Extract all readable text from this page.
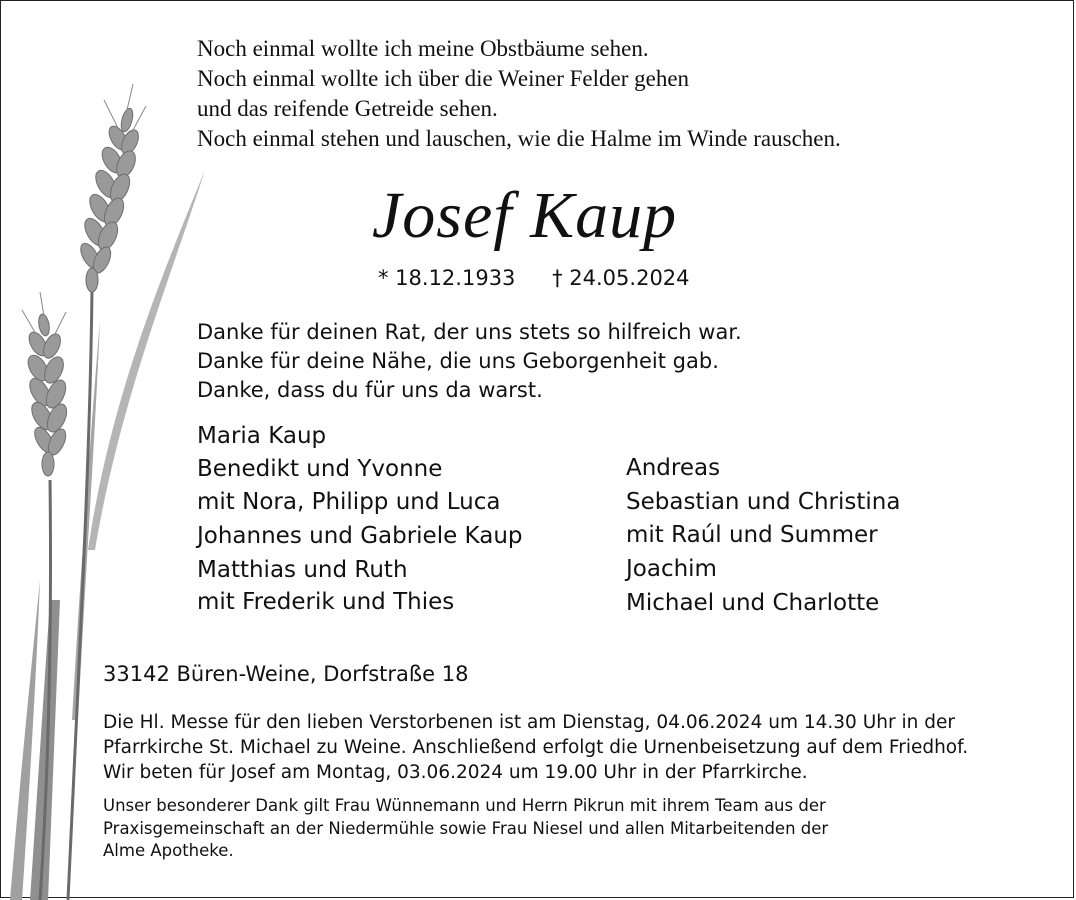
Noch einmal wollte ich meine Obstbäume sehen.
Noch einmal wollte ich über die Weiner Felder gehen
und das reifende Getreide sehen.
Noch einmal stehen und lauschen, wie die Halme im Winde rauschen.
Josef Kaup
* 18.12.1933 † 24.05.2024
Danke für deinen Rat, der uns stets so hilfreich war.
Danke für deine Nähe, die uns Geborgenheit gab.
Danke, dass du für uns da warst.
Maria Kaup
Benedikt und Yvonne
mit Nora, Philipp und Luca
Johannes und Gabriele Kaup
Matthias und Ruth
mit Frederik und Thies
Andreas
Sebastian und Christina
mit Raúl und Summer
Joachim
Michael und Charlotte
33142 Büren-Weine, Dorfstraße 18
Die Hl. Messe für den lieben Verstorbenen ist am Dienstag, 04.06.2024 um 14.30 Uhr in der
Pfarrkirche St. Michael zu Weine. Anschließend erfolgt die Urnenbeisetzung auf dem Friedhof.
Wir beten für Josef am Montag, 03.06.2024 um 19.00 Uhr in der Pfarrkirche.
Unser besonderer Dank gilt Frau Wünnemann und Herrn Pikrun mit ihrem Team aus der
Praxisgemeinschaft an der Niedermühle sowie Frau Niesel und allen Mitarbeitenden der
Alme Apotheke.
